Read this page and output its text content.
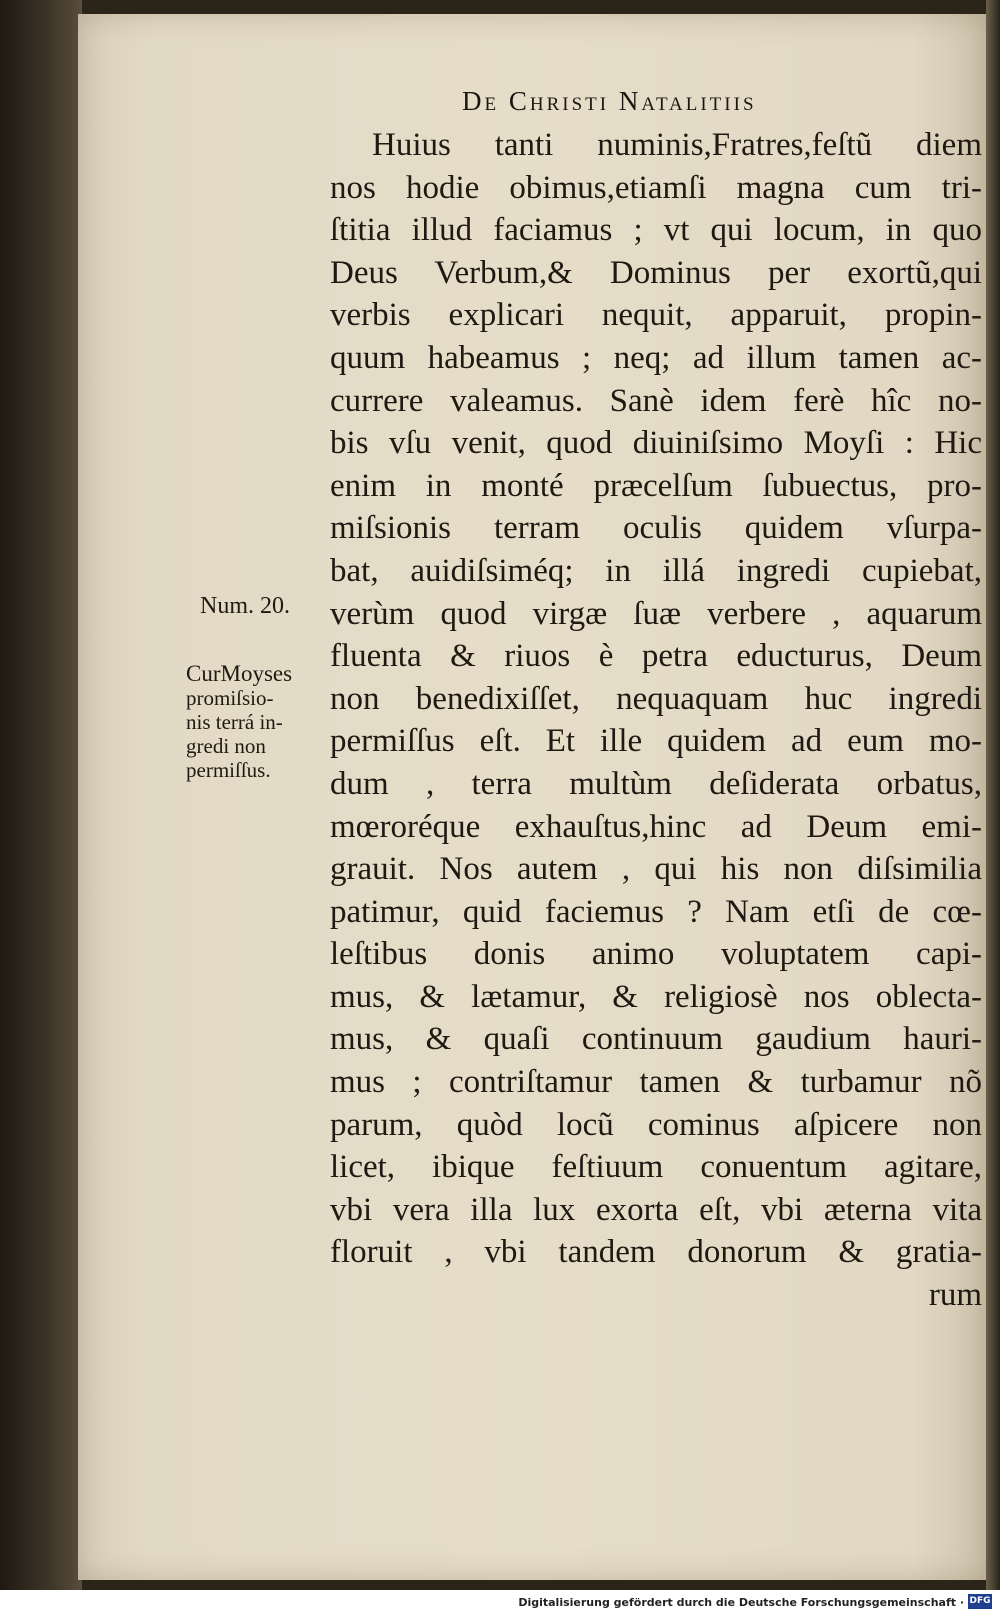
De Christi Natalitiis
Num. 20.
CurMoyses
promiſsio-
nis terrá in-
gredi non
permiſſus.
Huius tanti numinis,Fratres,feſtũ diem
nos hodie obimus,etiamſi magna cum tri-
ſtitia illud faciamus ; vt qui locum, in quo
Deus Verbum,& Dominus per exortũ,qui
verbis explicari nequit, apparuit, propin-
quum habeamus ; neq; ad illum tamen ac-
currere valeamus. Sanè idem ferè hîc no-
bis vſu venit, quod diuiniſsimo Moyſi : Hic
enim in monté præcelſum ſubuectus, pro-
miſsionis terram oculis quidem vſurpa-
bat, auidiſsiméq; in illá ingredi cupiebat,
verùm quod virgæ ſuæ verbere , aquarum
fluenta & riuos è petra educturus, Deum
non benedixiſſet, nequaquam huc ingredi
permiſſus eſt. Et ille quidem ad eum mo-
dum , terra multùm deſiderata orbatus,
mœroréque exhauſtus,hinc ad Deum emi-
grauit. Nos autem , qui his non diſsimilia
patimur, quid faciemus ? Nam etſi de cœ-
leſtibus donis animo voluptatem capi-
mus, & lætamur, & religiosè nos oblecta-
mus, & quaſi continuum gaudium hauri-
mus ; contriſtamur tamen & turbamur nõ
parum, quòd locũ cominus aſpicere non
licet, ibique feſtiuum conuentum agitare,
vbi vera illa lux exorta eſt, vbi æterna vita
floruit , vbi tandem donorum & gratia-
rum
Digitalisierung gefördert durch die Deutsche Forschungsgemeinschaft · DFG
